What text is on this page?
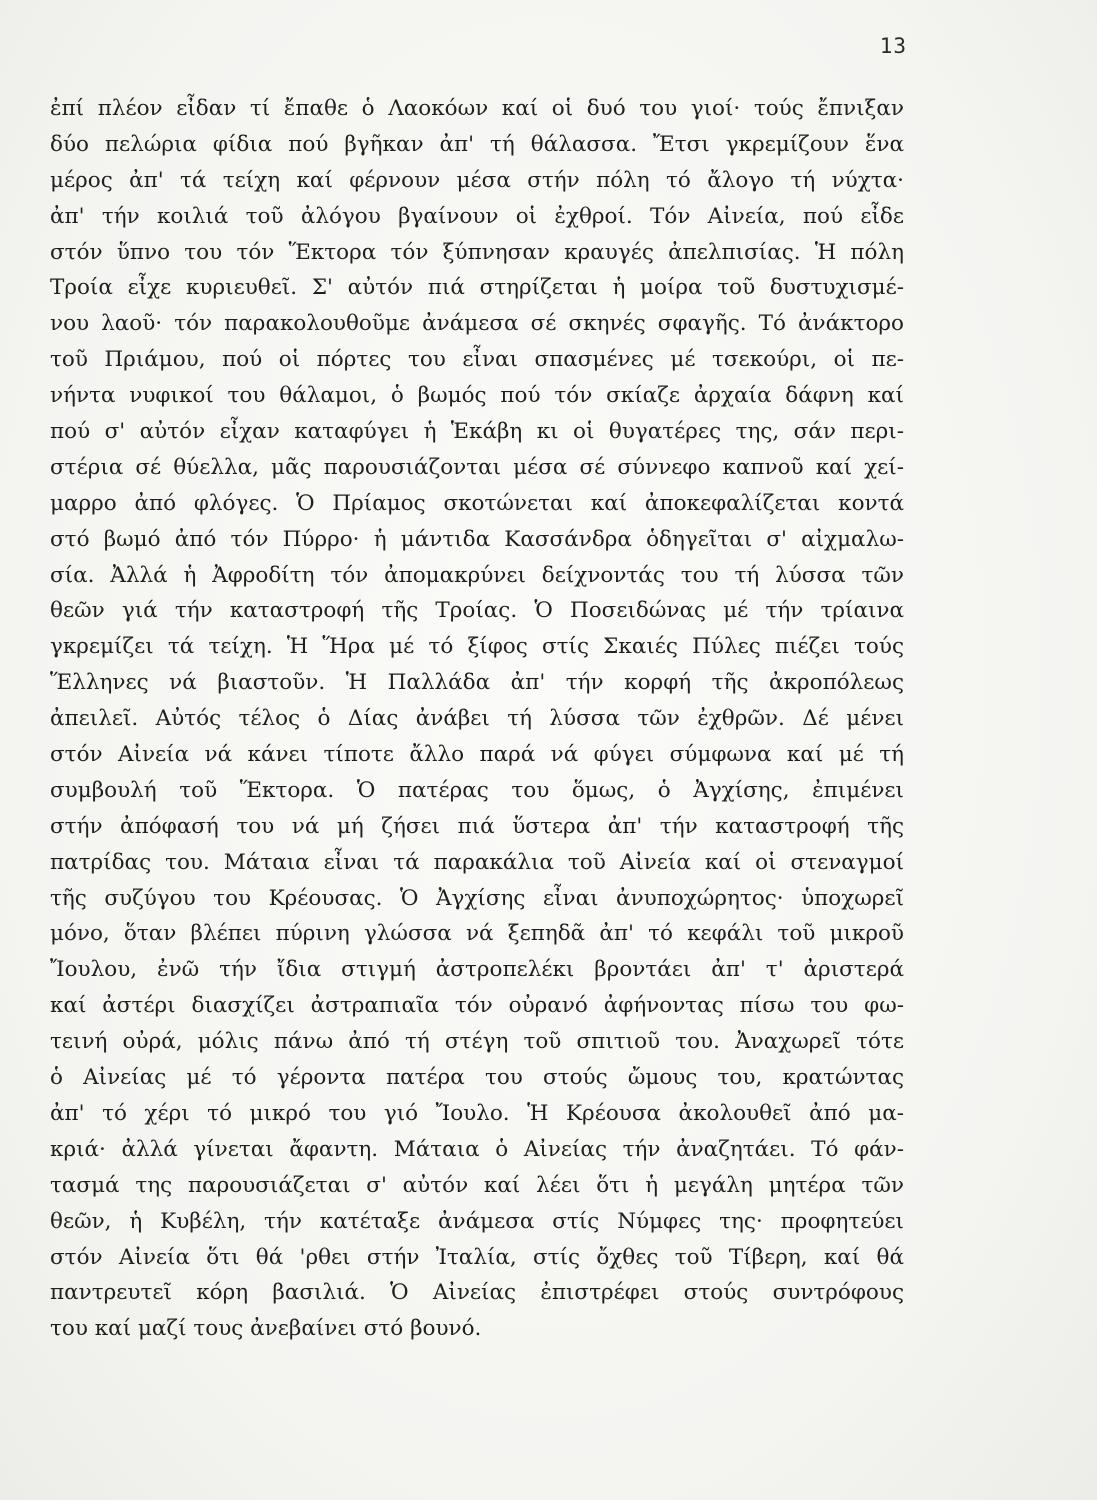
13
ἐπί πλέον εἶδαν τί ἔπαθε ὁ Λαοκόων καί οἱ δυό του γιοί· τούς ἔπνιξαν
δύο πελώρια φίδια πού βγῆκαν ἀπ' τή θάλασσα. Ἔτσι γκρεμίζουν ἕνα
μέρος ἀπ' τά τείχη καί φέρνουν μέσα στήν πόλη τό ἄλογο τή νύχτα·
ἀπ' τήν κοιλιά τοῦ ἀλόγου βγαίνουν οἱ ἐχθροί. Τόν Αἰνεία, πού εἶδε
στόν ὕπνο του τόν Ἕκτορα τόν ξύπνησαν κραυγές ἀπελπισίας. Ἡ πόλη
Τροία εἶχε κυριευθεῖ. Σ' αὐτόν πιά στηρίζεται ἡ μοίρα τοῦ δυστυχισμέ-
νου λαοῦ· τόν παρακολουθοῦμε ἀνάμεσα σέ σκηνές σφαγῆς. Τό ἀνάκτορο
τοῦ Πριάμου, πού οἱ πόρτες του εἶναι σπασμένες μέ τσεκούρι, οἱ πε-
νήντα νυφικοί του θάλαμοι, ὁ βωμός πού τόν σκίαζε ἀρχαία δάφνη καί
πού σ' αὐτόν εἶχαν καταφύγει ἡ Ἑκάβη κι οἱ θυγατέρες της, σάν περι-
στέρια σέ θύελλα, μᾶς παρουσιάζονται μέσα σέ σύννεφο καπνοῦ καί χεί-
μαρρο ἀπό φλόγες. Ὁ Πρίαμος σκοτώνεται καί ἀποκεφαλίζεται κοντά
στό βωμό ἀπό τόν Πύρρο· ἡ μάντιδα Κασσάνδρα ὁδηγεῖται σ' αἰχμαλω-
σία. Ἀλλά ἡ Ἀφροδίτη τόν ἀπομακρύνει δείχνοντάς του τή λύσσα τῶν
θεῶν γιά τήν καταστροφή τῆς Τροίας. Ὁ Ποσειδώνας μέ τήν τρίαινα
γκρεμίζει τά τείχη. Ἡ Ἥρα μέ τό ξίφος στίς Σκαιές Πύλες πιέζει τούς
Ἕλληνες νά βιαστοῦν. Ἡ Παλλάδα ἀπ' τήν κορφή τῆς ἀκροπόλεως
ἀπειλεῖ. Αὐτός τέλος ὁ Δίας ἀνάβει τή λύσσα τῶν ἐχθρῶν. Δέ μένει
στόν Αἰνεία νά κάνει τίποτε ἄλλο παρά νά φύγει σύμφωνα καί μέ τή
συμβουλή τοῦ Ἕκτορα. Ὁ πατέρας του ὅμως, ὁ Ἀγχίσης, ἐπιμένει
στήν ἀπόφασή του νά μή ζήσει πιά ὕστερα ἀπ' τήν καταστροφή τῆς
πατρίδας του. Μάταια εἶναι τά παρακάλια τοῦ Αἰνεία καί οἱ στεναγμοί
τῆς συζύγου του Κρέουσας. Ὁ Ἀγχίσης εἶναι ἀνυποχώρητος· ὑποχωρεῖ
μόνο, ὅταν βλέπει πύρινη γλώσσα νά ξεπηδᾶ ἀπ' τό κεφάλι τοῦ μικροῦ
Ἴουλου, ἐνῶ τήν ἴδια στιγμή ἀστροπελέκι βροντάει ἀπ' τ' ἀριστερά
καί ἀστέρι διασχίζει ἀστραπιαῖα τόν οὐρανό ἀφήνοντας πίσω του φω-
τεινή οὐρά, μόλις πάνω ἀπό τή στέγη τοῦ σπιτιοῦ του. Ἀναχωρεῖ τότε
ὁ Αἰνείας μέ τό γέροντα πατέρα του στούς ὤμους του, κρατώντας
ἀπ' τό χέρι τό μικρό του γιό Ἴουλο. Ἡ Κρέουσα ἀκολουθεῖ ἀπό μα-
κριά· ἀλλά γίνεται ἄφαντη. Μάταια ὁ Αἰνείας τήν ἀναζητάει. Τό φάν-
τασμά της παρουσιάζεται σ' αὐτόν καί λέει ὅτι ἡ μεγάλη μητέρα τῶν
θεῶν, ἡ Κυβέλη, τήν κατέταξε ἀνάμεσα στίς Νύμφες της· προφητεύει
στόν Αἰνεία ὅτι θά 'ρθει στήν Ἰταλία, στίς ὄχθες τοῦ Τίβερη, καί θά
παντρευτεῖ κόρη βασιλιά. Ὁ Αἰνείας ἐπιστρέφει στούς συντρόφους
του καί μαζί τους ἀνεβαίνει στό βουνό.
